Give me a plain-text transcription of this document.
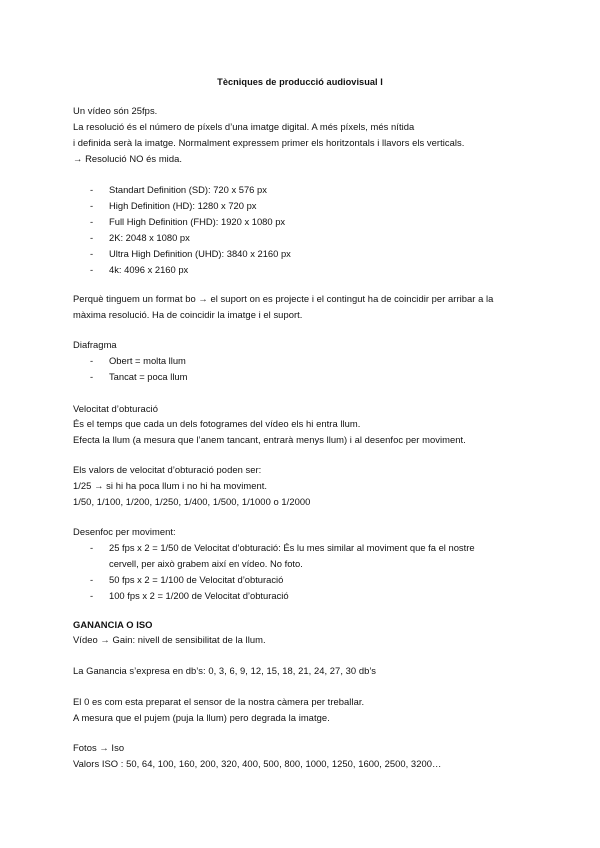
Tècniques de producció audiovisual I
Un vídeo són 25fps.
La resolució és el número de píxels d’una imatge digital. A més píxels, més nítida
i definida serà la imatge. Normalment expressem primer els horitzontals i llavors els verticals.
→ Resolució NO és mida.
- Standart Definition (SD): 720 x 576 px
- High Definition (HD): 1280 x 720 px
- Full High Definition (FHD): 1920 x 1080 px
- 2K: 2048 x 1080 px
- Ultra High Definition (UHD): 3840 x 2160 px
- 4k: 4096 x 2160 px
Perquè tinguem un format bo → el suport on es projecte i el contingut ha de coincidir per arribar a la
màxima resolució. Ha de coincidir la imatge i el suport.
Diafragma
- Obert = molta llum
- Tancat = poca llum
Velocitat d’obturació
És el temps que cada un dels fotogrames del vídeo els hi entra llum.
Efecta la llum (a mesura que l’anem tancant, entrarà menys llum) i al desenfoc per moviment.
Els valors de velocitat d’obturació poden ser:
1/25 → si hi ha poca llum i no hi ha moviment.
1/50, 1/100, 1/200, 1/250, 1/400, 1/500, 1/1000 o 1/2000
Desenfoc per moviment:
- 25 fps x 2 = 1/50 de Velocitat d’obturació: És lu mes similar al moviment que fa el nostre
cervell, per això grabem així en vídeo. No foto.
- 50 fps x 2 = 1/100 de Velocitat d’obturació
- 100 fps x 2 = 1/200 de Velocitat d’obturació
GANANCIA O ISO
Vídeo → Gain: nivell de sensibilitat de la llum.
La Ganancia s’expresa en db’s: 0, 3, 6, 9, 12, 15, 18, 21, 24, 27, 30 db’s
El 0 es com esta preparat el sensor de la nostra càmera per treballar.
A mesura que el pujem (puja la llum) pero degrada la imatge.
Fotos → Iso
Valors ISO : 50, 64, 100, 160, 200, 320, 400, 500, 800, 1000, 1250, 1600, 2500, 3200…
